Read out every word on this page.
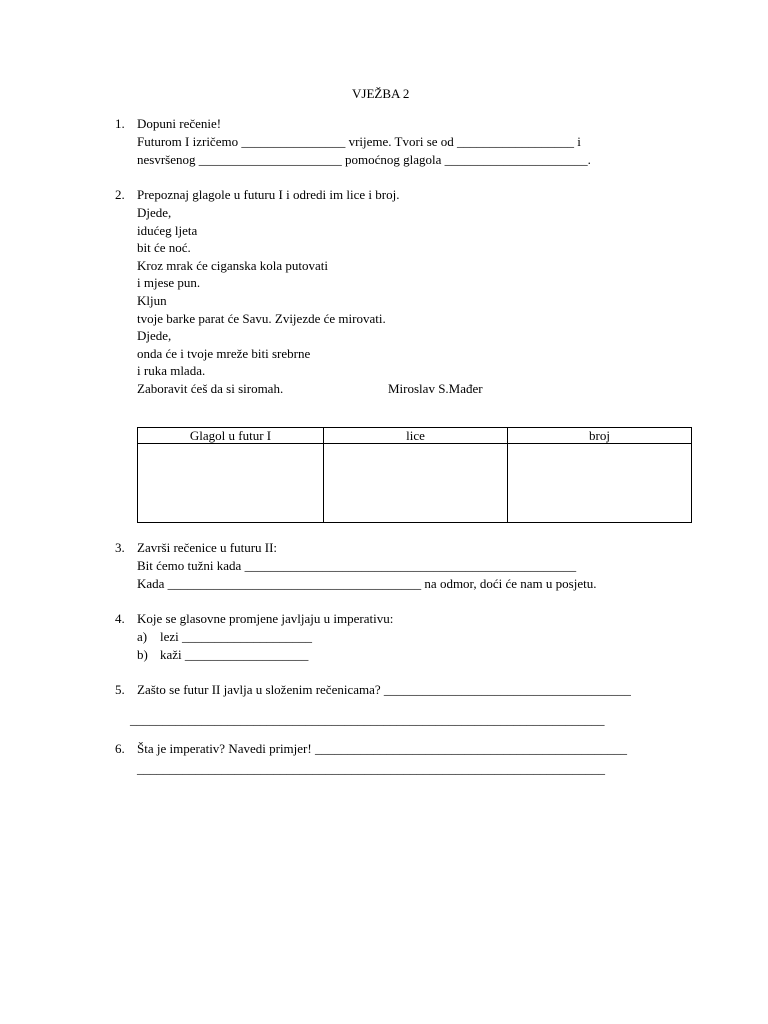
VJEŽBA 2
1. Dopuni rečenie!
Futurom I izričemo ________________ vrijeme. Tvori se od __________________ i
nesvršenog ______________________ pomoćnog glagola ______________________.
2. Prepoznaj glagole u futuru I i odredi im lice i broj.
Djede,
idućeg ljeta
bit će noć.
Kroz mrak će ciganska kola putovati
i mjese pun.
Kljun
tvoje barke parat će Savu. Zvijezde će mirovati.
Djede,
onda će i tvoje mreže biti srebrne
i ruka mlada.
Zaboravit ćeš da si siromah.	Miroslav S.Mađer
Glagol u futur I	lice	broj

3. Završi rečenice u futuru II:
Bit ćemo tužni kada ___________________________________________________
Kada _______________________________________ na odmor, doći će nam u posjetu.
4. Koje se glasovne promjene javljaju u imperativu:
a) lezi ____________________
b) kaži ___________________
5. Zašto se futur II javlja u složenim rečenicama? ______________________________________
_________________________________________________________________________
6. Šta je imperativ? Navedi primjer! ________________________________________________
________________________________________________________________________
